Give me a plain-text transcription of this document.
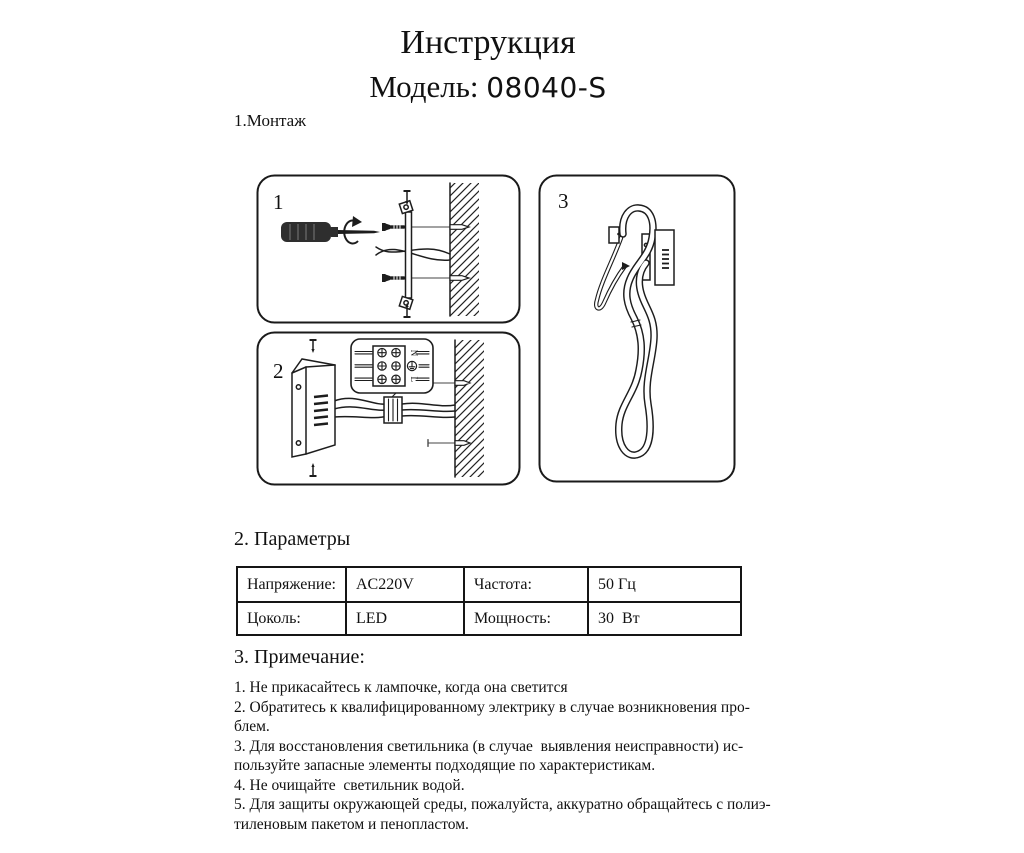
Инструкция
Модель: 08040-S
1.Монтаж
1
2
N
L
3
2. Параметры
Напряжение:	AC220V	Частота:	50 Гц
Цоколь:	LED	Мощность:	30  Вт
3. Примечание:
1. Не прикасайтесь к лампочке, когда она светится
2. Обратитесь к квалифицированному электрику в случае возникновения про-
блем.
3. Для восстановления светильника (в случае  выявления неисправности) ис-
пользуйте запасные элементы подходящие по характеристикам.
4. Не очищайте  светильник водой.
5. Для защиты окружающей среды, пожалуйста, аккуратно обращайтесь с полиэ-
тиленовым пакетом и пенопластом.
